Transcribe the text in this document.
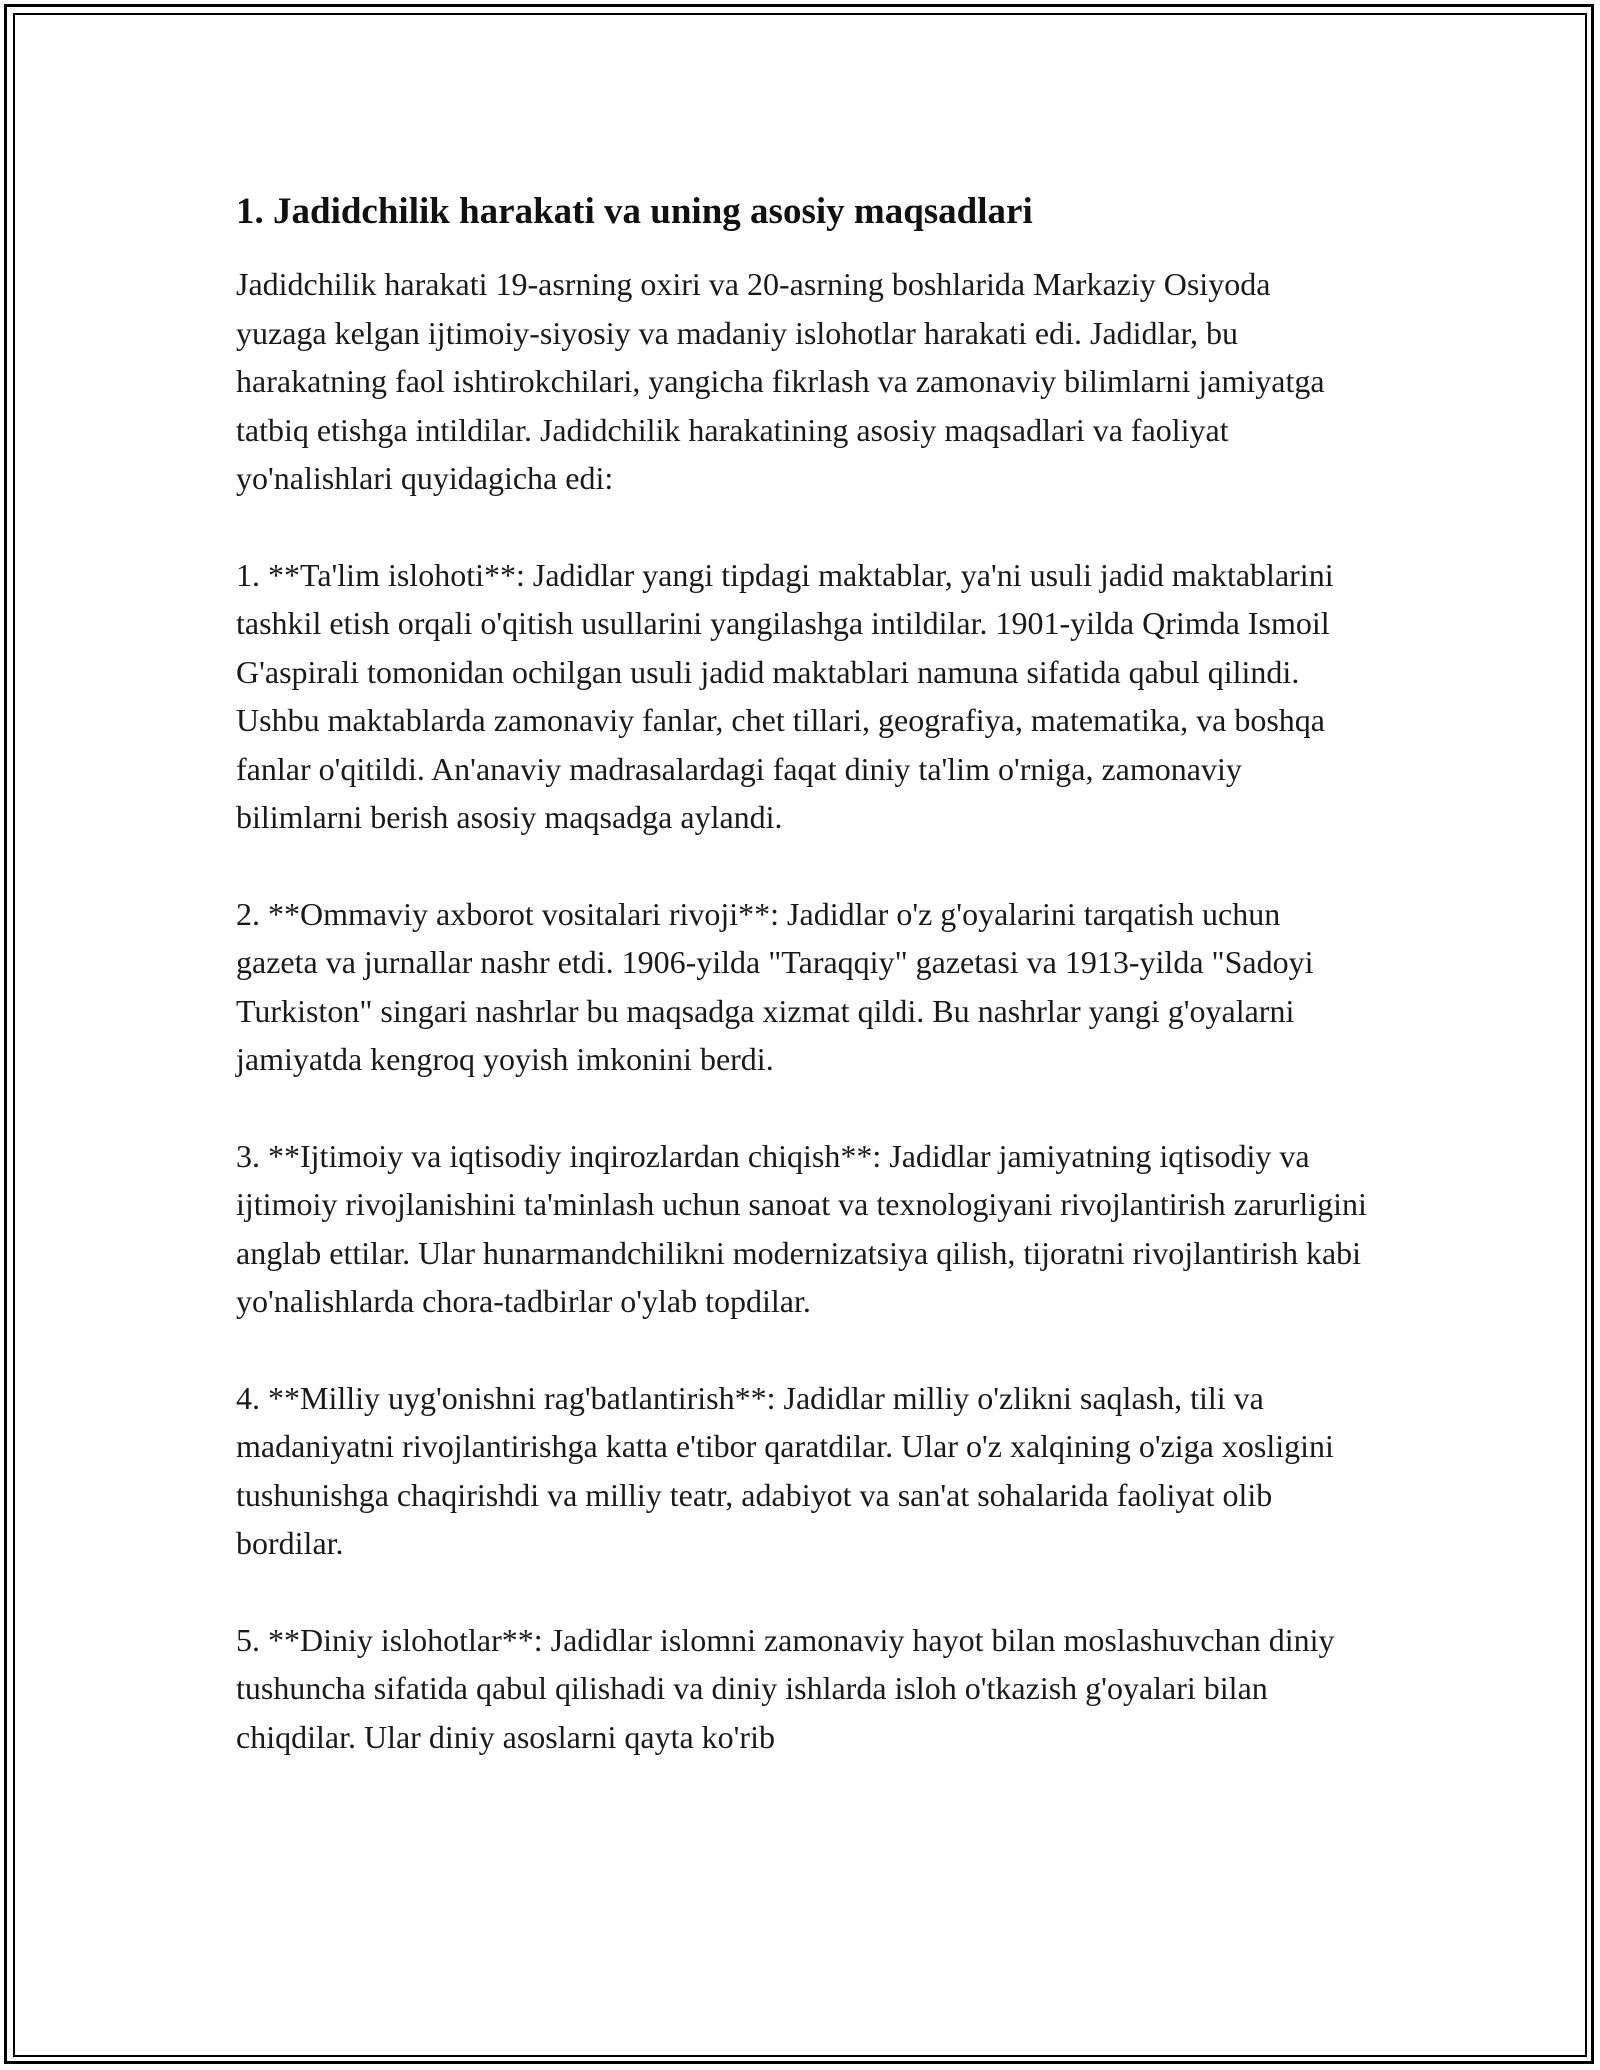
1. Jadidchilik harakati va uning asosiy maqsadlari

Jadidchilik harakati 19-asrning oxiri va 20-asrning boshlarida Markaziy Osiyoda yuzaga kelgan ijtimoiy-siyosiy va madaniy islohotlar harakati edi. Jadidlar, bu harakatning faol ishtirokchilari, yangicha fikrlash va zamonaviy bilimlarni jamiyatga tatbiq etishga intildilar. Jadidchilik harakatining asosiy maqsadlari va faoliyat yo'nalishlari quyidagicha edi:

1. **Ta'lim islohoti**: Jadidlar yangi tipdagi maktablar, ya'ni usuli jadid maktablarini tashkil etish orqali o'qitish usullarini yangilashga intildilar. 1901-yilda Qrimda Ismoil G'aspirali tomonidan ochilgan usuli jadid maktablari namuna sifatida qabul qilindi. Ushbu maktablarda zamonaviy fanlar, chet tillari, geografiya, matematika, va boshqa fanlar o'qitildi. An'anaviy madrasalardagi faqat diniy ta'lim o'rniga, zamonaviy bilimlarni berish asosiy maqsadga aylandi.

2. **Ommaviy axborot vositalari rivoji**: Jadidlar o'z g'oyalarini tarqatish uchun gazeta va jurnallar nashr etdi. 1906-yilda "Taraqqiy" gazetasi va 1913-yilda "Sadoyi Turkiston" singari nashrlar bu maqsadga xizmat qildi. Bu nashrlar yangi g'oyalarni jamiyatda kengroq yoyish imkonini berdi.

3. **Ijtimoiy va iqtisodiy inqirozlardan chiqish**: Jadidlar jamiyatning iqtisodiy va ijtimoiy rivojlanishini ta'minlash uchun sanoat va texnologiyani rivojlantirish zarurligini anglab ettilar. Ular hunarmandchilikni modernizatsiya qilish, tijoratni rivojlantirish kabi yo'nalishlarda chora-tadbirlar o'ylab topdilar.

4. **Milliy uyg'onishni rag'batlantirish**: Jadidlar milliy o'zlikni saqlash, tili va madaniyatni rivojlantirishga katta e'tibor qaratdilar. Ular o'z xalqining o'ziga xosligini tushunishga chaqirishdi va milliy teatr, adabiyot va san'at sohalarida faoliyat olib bordilar.

5. **Diniy islohotlar**: Jadidlar islomni zamonaviy hayot bilan moslashuvchan diniy tushuncha sifatida qabul qilishadi va diniy ishlarda isloh o'tkazish g'oyalari bilan chiqdilar. Ular diniy asoslarni qayta ko'rib
